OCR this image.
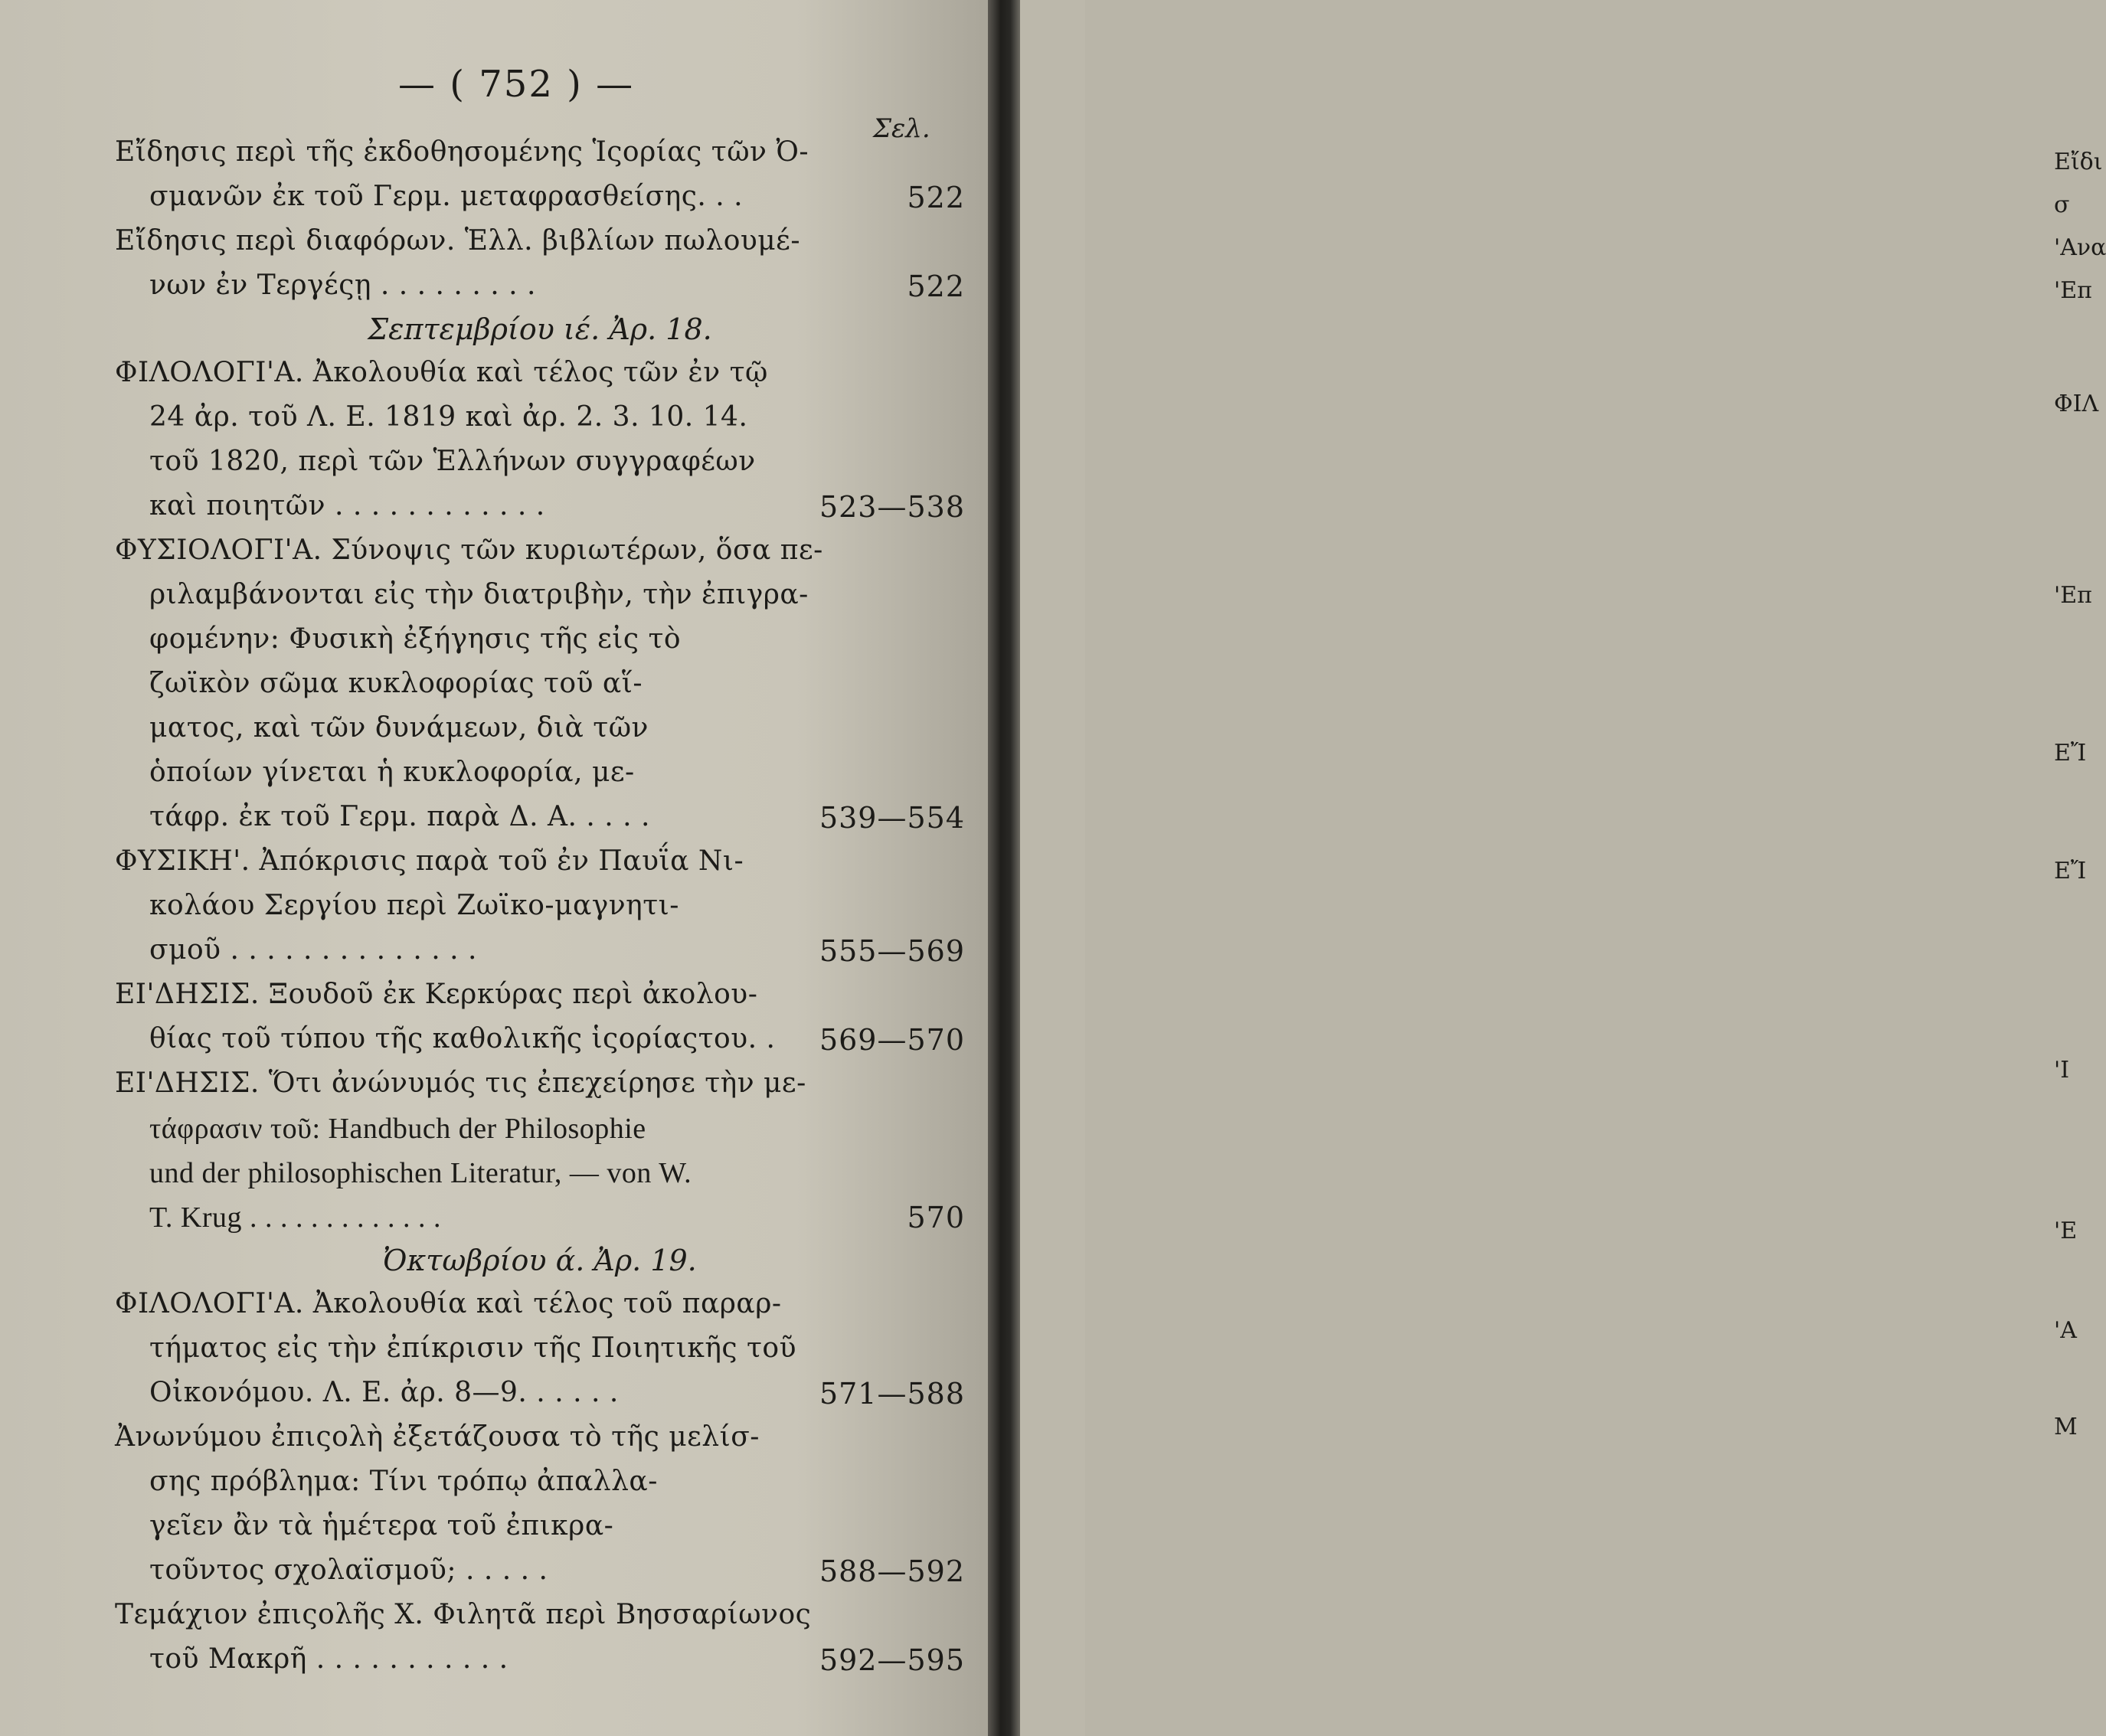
— ( 752 ) —
Σελ.
Εἴδησις περὶ τῆς ἐκδοθησομένης Ἱςορίας τῶν Ὀ-
σμανῶν ἐκ τοῦ Γερμ. μεταφρασθείσης. . .	522
Εἴδησις περὶ διαφόρων. Ἑλλ. βιβλίων πωλουμέ-
νων ἐν Τεργέςῃ . . . . . . . . .	522
Σεπτεμβρίου ιέ. Ἀρ. 18.
ΦΙΛΟΛΟΓΙ'Α. Ἀκολουθία καὶ τέλος τῶν ἐν τῷ
24 ἀρ. τοῦ Λ. Ε. 1819 καὶ ἀρ. 2. 3. 10. 14.
τοῦ 1820, περὶ τῶν Ἑλλήνων συγγραφέων
καὶ ποιητῶν . . . . . . . . . . . .	523—538
ΦΥΣΙΟΛΟΓΙ'Α. Σύνοψις τῶν κυριωτέρων, ὅσα πε-
ριλαμβάνονται εἰς τὴν διατριβὴν, τὴν ἐπιγρα-
φομένην: Φυσικὴ ἐξήγησις τῆς εἰς τὸ
ζωϊκὸν σῶμα κυκλοφορίας τοῦ αἵ-
ματος, καὶ τῶν δυνάμεων, διὰ τῶν
ὁποίων γίνεται ἡ κυκλοφορία, με-
τάφρ. ἐκ τοῦ Γερμ. παρὰ Δ. Α. . . . .	539—554
ΦΥΣΙΚΗ'. Ἀπόκρισις παρὰ τοῦ ἐν Παυΐα Νι-
κολάου Σεργίου περὶ Ζωϊκο-μαγνητι-
σμοῦ . . . . . . . . . . . . . .	555—569
ΕΙ'ΔΗΣΙΣ. Ξουδοῦ ἐκ Κερκύρας περὶ ἀκολου-
θίας τοῦ τύπου τῆς καθολικῆς ἱςορίαςτου. . 569—570
ΕΙ'ΔΗΣΙΣ. Ὅτι ἀνώνυμός τις ἐπεχείρησε τὴν με-
τάφρασιν τοῦ: Handbuch der Philosophie
und der philosophischen Literatur, — von W.
T. Krug . . . . . . . . . . . . .	570
Ὀκτωβρίου ά. Ἀρ. 19.
ΦΙΛΟΛΟΓΙ'Α. Ἀκολουθία καὶ τέλος τοῦ παραρ-
τήματος εἰς τὴν ἐπίκρισιν τῆς Ποιητικῆς τοῦ
Οἰκονόμου. Λ. Ε. ἀρ. 8—9. . . . . .	571—588
Ἀνωνύμου ἐπιςολὴ ἐξετάζουσα τὸ τῆς μελίσ-
σης πρόβλημα: Τίνι τρόπῳ ἀπαλλα-
γεῖεν ἂν τὰ ἡμέτερα τοῦ ἐπικρα-
τοῦντος σχολαϊσμοῦ; . . . . .	588—592
Τεμάχιον ἐπιςολῆς Χ. Φιλητᾶ περὶ Βησσαρίωνος
τοῦ Μακρῆ . . . . . . . . . . .	592—595
Εἴδι
σ
'Ανα
'Επ
ΦΙΛ
'Επ
ΕἼ
ΕἼ
'Ι
'Ε
'Α
Μ
